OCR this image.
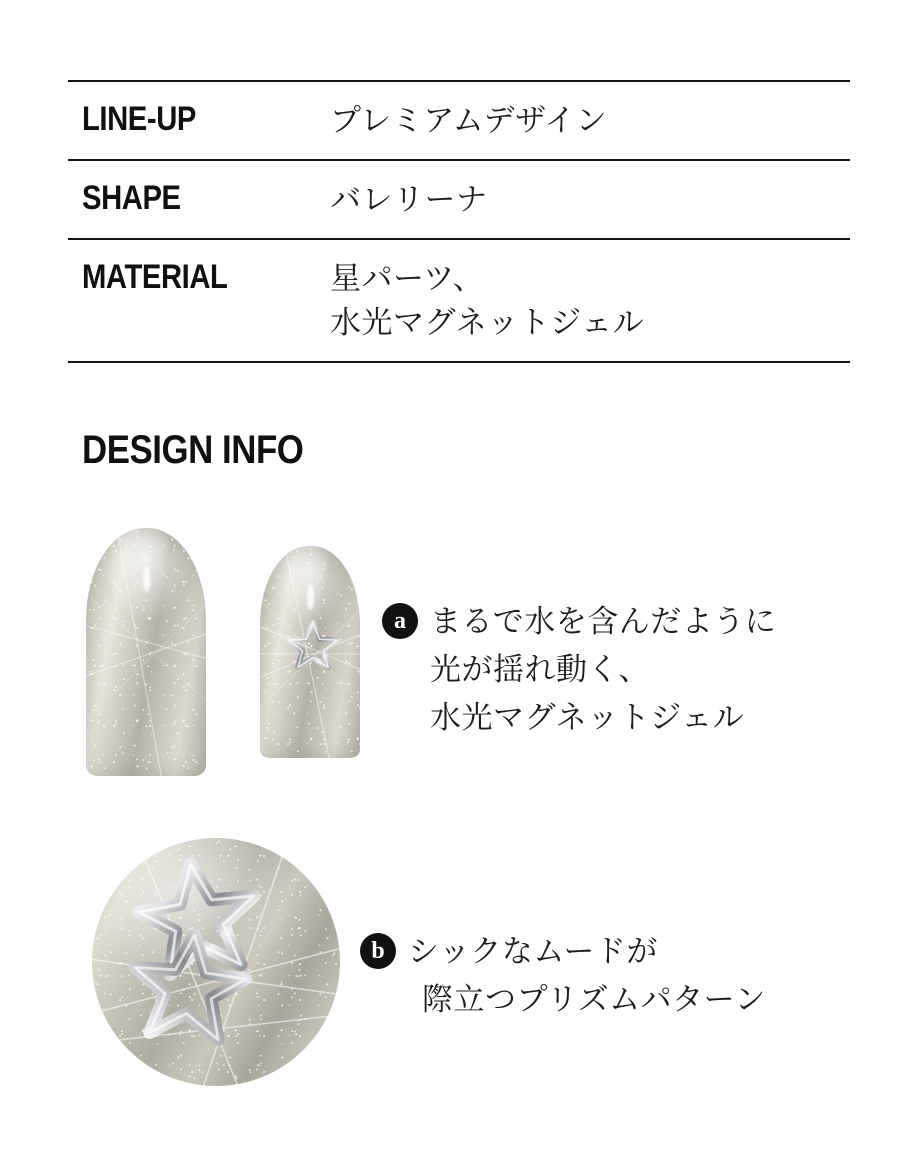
LINE-UP	プレミアムデザイン
SHAPE	バレリーナ
MATERIAL	星パーツ、
水光マグネットジェル
DESIGN INFO
a まるで水を含んだように
光が揺れ動く、
水光マグネットジェル
b シックなムードが
際立つプリズムパターン
